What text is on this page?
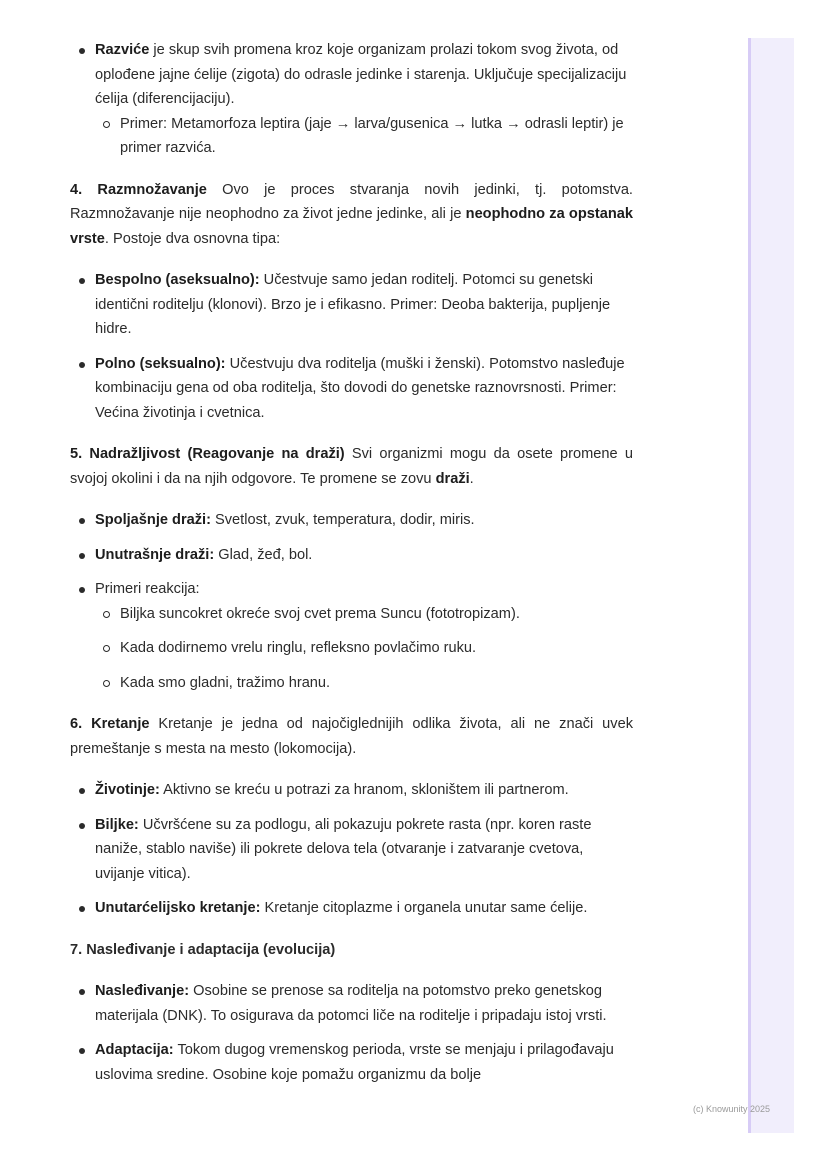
(c) Knowunity 2025
Razviće je skup svih promena kroz koje organizam prolazi tokom svog života, od oplođene jajne ćelije (zigota) do odrasle jedinke i starenja. Uključuje specijalizaciju ćelija (diferencijaciju).
Primer: Metamorfoza leptira (jaje → larva/gusenica → lutka → odrasli leptir) je primer razvića.

4. Razmnožavanje Ovo je proces stvaranja novih jedinki, tj. potomstva. Razmnožavanje nije neophodno za život jedne jedinke, ali je neophodno za opstanak vrste. Postoje dva osnovna tipa:

Bespolno (aseksualno): Učestvuje samo jedan roditelj. Potomci su genetski identični roditelju (klonovi). Brzo je i efikasno. Primer: Deoba bakterija, pupljenje hidre.
Polno (seksualno): Učestvuju dva roditelja (muški i ženski). Potomstvo nasleđuje kombinaciju gena od oba roditelja, što dovodi do genetske raznovrsnosti. Primer: Većina životinja i cvetnica.

5. Nadražljivost (Reagovanje na draži) Svi organizmi mogu da osete promene u svojoj okolini i da na njih odgovore. Te promene se zovu draži.

Spoljašnje draži: Svetlost, zvuk, temperatura, dodir, miris.
Unutrašnje draži: Glad, žeđ, bol.
Primeri reakcija:
Biljka suncokret okreće svoj cvet prema Suncu (fototropizam).
Kada dodirnemo vrelu ringlu, refleksno povlačimo ruku.
Kada smo gladni, tražimo hranu.

6. Kretanje Kretanje je jedna od najočiglednijih odlika života, ali ne znači uvek premeštanje s mesta na mesto (lokomocija).

Životinje: Aktivno se kreću u potrazi za hranom, skloništem ili partnerom.
Biljke: Učvršćene su za podlogu, ali pokazuju pokrete rasta (npr. koren raste naniže, stablo naviše) ili pokrete delova tela (otvaranje i zatvaranje cvetova, uvijanje vitica).
Unutarćelijsko kretanje: Kretanje citoplazme i organela unutar same ćelije.
7. Nasleđivanje i adaptacija (evolucija)
Nasleđivanje: Osobine se prenose sa roditelja na potomstvo preko genetskog materijala (DNK). To osigurava da potomci liče na roditelje i pripadaju istoj vrsti.
Adaptacija: Tokom dugog vremenskog perioda, vrste se menjaju i prilagođavaju uslovima sredine. Osobine koje pomažu organizmu da bolje
